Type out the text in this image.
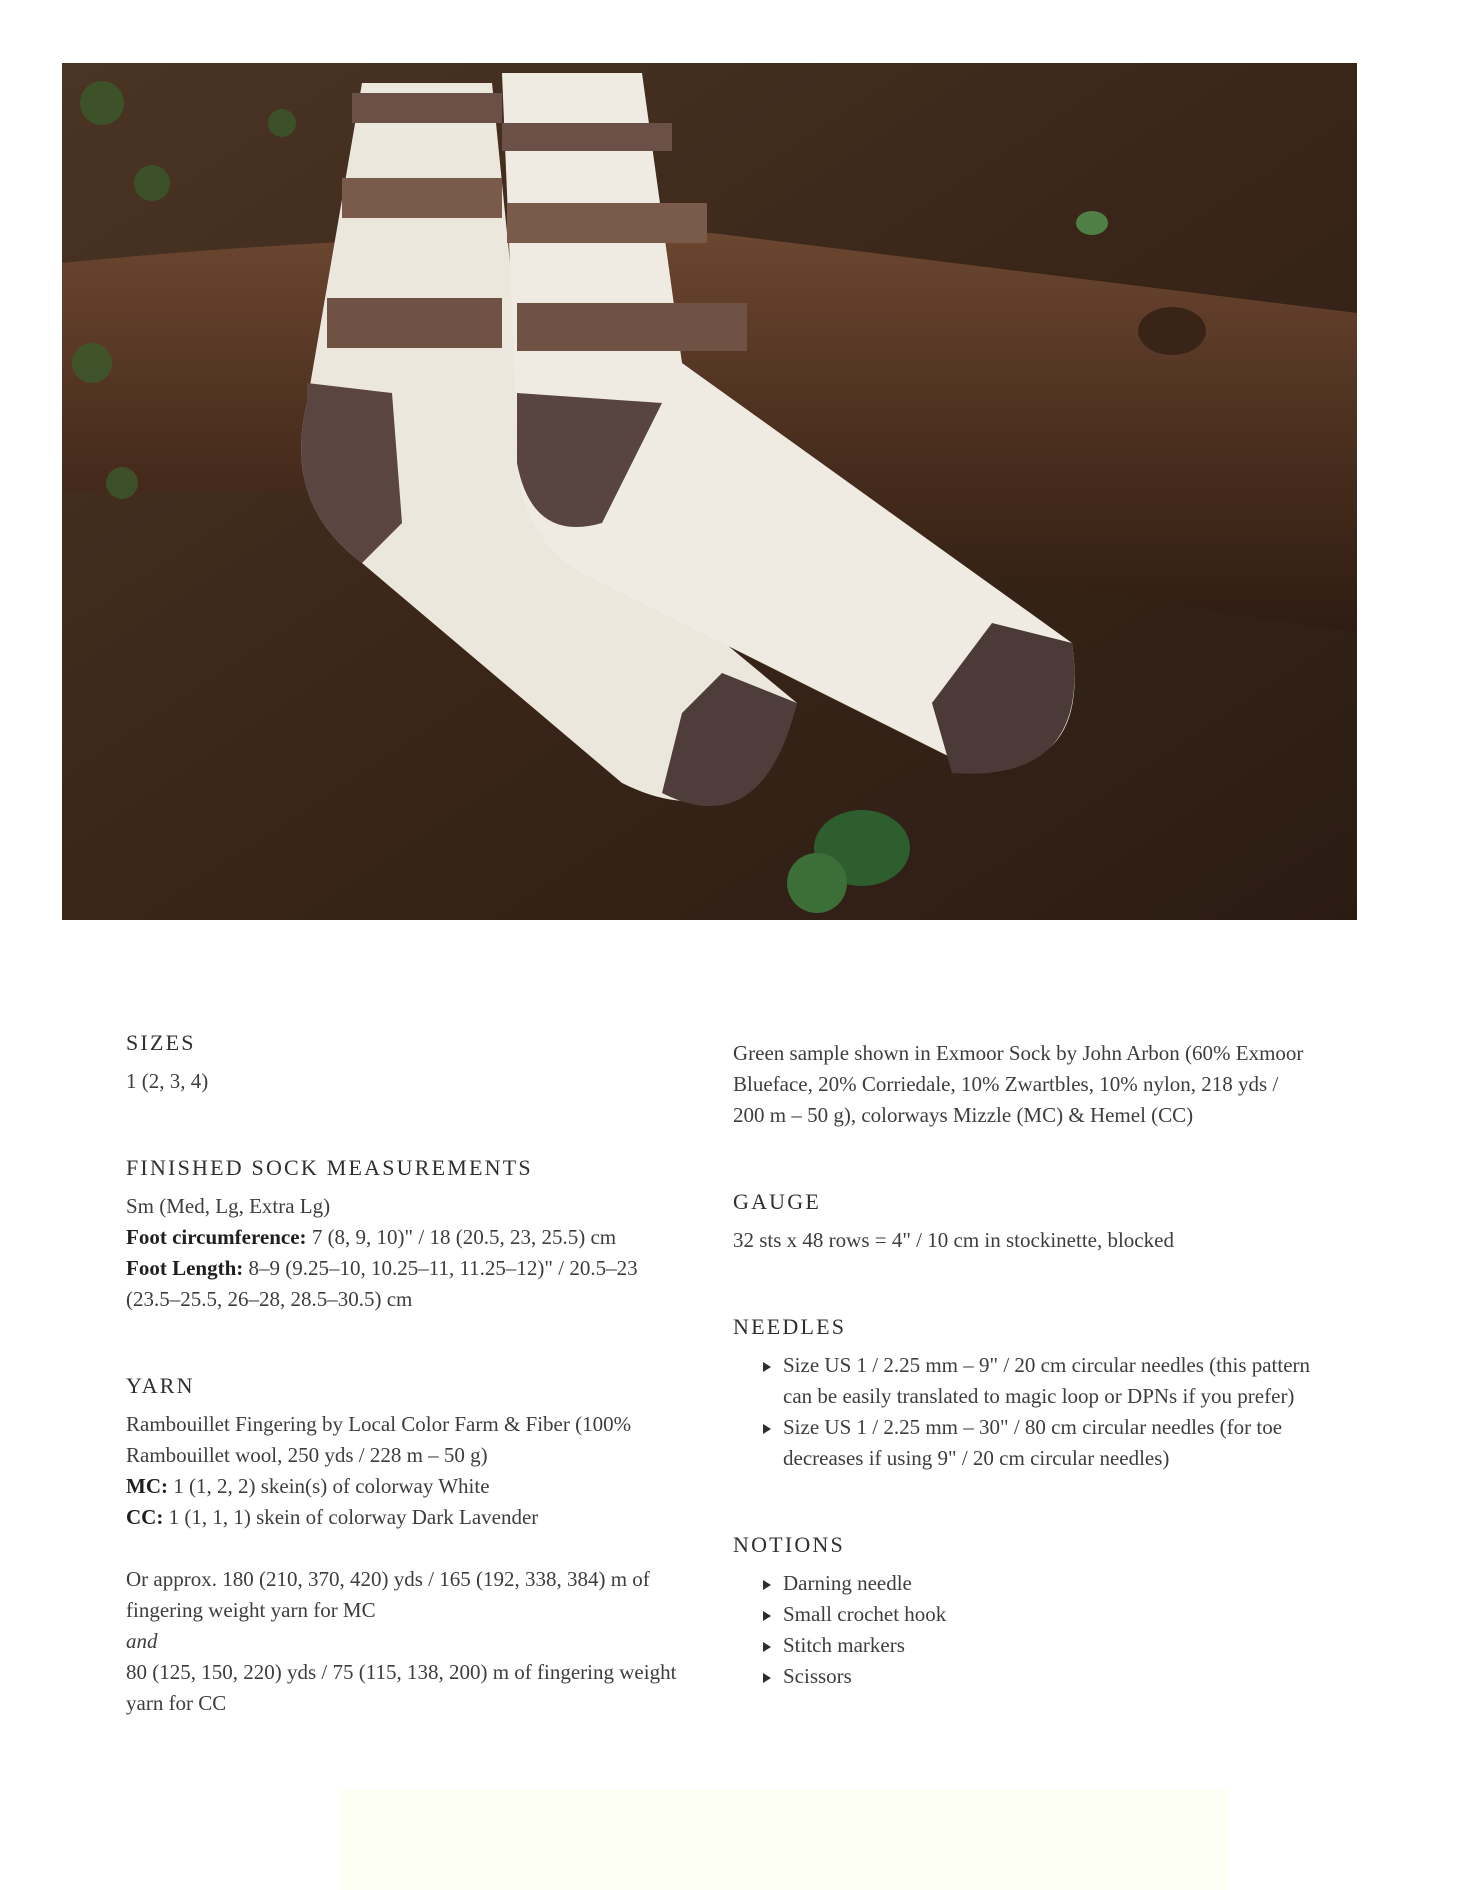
SIZES

1 (2, 3, 4)

FINISHED SOCK MEASUREMENTS

Sm (Med, Lg, Extra Lg)

Foot circumference: 7 (8, 9, 10)" / 18 (20.5, 23, 25.5) cm

Foot Length: 8–9 (9.25–10, 10.25–11, 11.25–12)" / 20.5–23 (23.5–25.5, 26–28, 28.5–30.5) cm

YARN

Rambouillet Fingering by Local Color Farm & Fiber (100% Rambouillet wool, 250 yds / 228 m – 50 g)

MC: 1 (1, 2, 2) skein(s) of colorway White

CC: 1 (1, 1, 1) skein of colorway Dark Lavender

Or approx. 180 (210, 370, 420) yds / 165 (192, 338, 384) m of fingering weight yarn for MC

and

80 (125, 150, 220) yds / 75 (115, 138, 200) m of fingering weight yarn for CC

Green sample shown in Exmoor Sock by John Arbon (60% Exmoor Blueface, 20% Corriedale, 10% Zwartbles, 10% nylon, 218 yds / 200 m – 50 g), colorways Mizzle (MC) & Hemel (CC)

GAUGE

32 sts x 48 rows = 4" / 10 cm in stockinette, blocked

NEEDLES
Size US 1 / 2.25 mm – 9" / 20 cm circular needles (this pattern can be easily translated to magic loop or DPNs if you prefer)
Size US 1 / 2.25 mm – 30" / 80 cm circular needles (for toe decreases if using 9" / 20 cm circular needles)
NOTIONS
Darning needle
Small crochet hook
Stitch markers
Scissors
